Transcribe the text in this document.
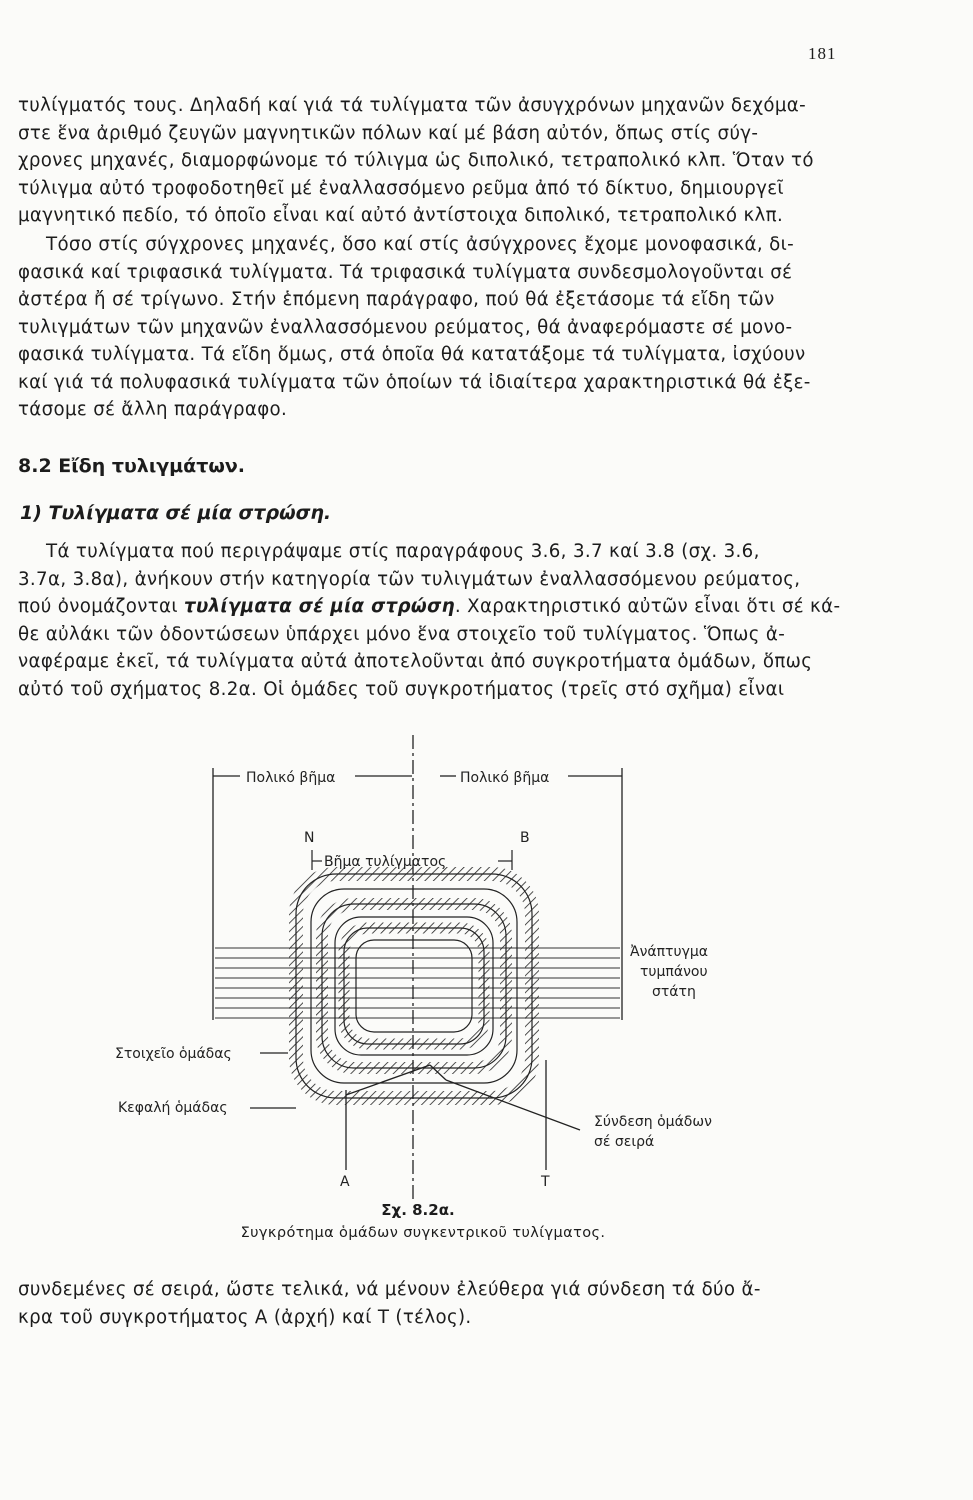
181

τυλίγματός τους. Δηλαδή καί γιά τά τυλίγματα τῶν ἀσυγχρόνων μηχανῶν δεχόμα-
στε ἕνα ἀριθμό ζευγῶν μαγνητικῶν πόλων καί μέ βάση αὐτόν, ὅπως στίς σύγ-
χρονες μηχανές, διαμορφώνομε τό τύλιγμα ὡς διπολικό, τετραπολικό κλπ. Ὅταν τό
τύλιγμα αὐτό τροφοδοτηθεῖ μέ ἐναλλασσόμενο ρεῦμα ἀπό τό δίκτυο, δημιουργεῖ
μαγνητικό πεδίο, τό ὁποῖο εἶναι καί αὐτό ἀντίστοιχα διπολικό, τετραπολικό κλπ.

Τόσο στίς σύγχρονες μηχανές, ὅσο καί στίς ἀσύγχρονες ἔχομε μονοφασικά, δι-
φασικά καί τριφασικά τυλίγματα. Τά τριφασικά τυλίγματα συνδεσμολογοῦνται σέ
ἀστέρα ἤ σέ τρίγωνο. Στήν ἑπόμενη παράγραφο, πού θά ἐξετάσομε τά εἴδη τῶν
τυλιγμάτων τῶν μηχανῶν ἐναλλασσόμενου ρεύματος, θά ἀναφερόμαστε σέ μονο-
φασικά τυλίγματα. Τά εἴδη ὅμως, στά ὁποῖα θά κατατάξομε τά τυλίγματα, ἰσχύουν
καί γιά τά πολυφασικά τυλίγματα τῶν ὁποίων τά ἰδιαίτερα χαρακτηριστικά θά ἐξε-
τάσομε σέ ἄλλη παράγραφο.

8.2 Εἴδη τυλιγμάτων.
1) Τυλίγματα σέ μία στρώση.

Τά τυλίγματα πού περιγράψαμε στίς παραγράφους 3.6, 3.7 καί 3.8 (σχ. 3.6,
3.7α, 3.8α), ἀνήκουν στήν κατηγορία τῶν τυλιγμάτων ἐναλλασσόμενου ρεύματος,
πού ὀνομάζονται τυλίγματα σέ μία στρώση. Χαρακτηριστικό αὐτῶν εἶναι ὅτι σέ κά-
θε αὐλάκι τῶν ὀδοντώσεων ὑπάρχει μόνο ἕνα στοιχεῖο τοῦ τυλίγματος. Ὅπως ἀ-
ναφέραμε ἐκεῖ, τά τυλίγματα αὐτά ἀποτελοῦνται ἀπό συγκροτήματα ὁμάδων, ὅπως
αὐτό τοῦ σχήματος 8.2α. Οἱ ὁμάδες τοῦ συγκροτήματος (τρεῖς στό σχῆμα) εἶναι

Πολικό βῆμα	Πολικό βῆμα
Ν	Β
Βῆμα τυλίγματος
Ἀνάπτυγμα
τυμπάνου
στάτη
Στοιχεῖο ὁμάδας
Κεφαλή ὁμάδας
Σύνδεση ὁμάδων
σέ σειρά
Α	Τ
Σχ. 8.2α.
Συγκρότημα ὁμάδων συγκεντρικοῦ τυλίγματος.

συνδεμένες σέ σειρά, ὥστε τελικά, νά μένουν ἐλεύθερα γιά σύνδεση τά δύο ἄ-
κρα τοῦ συγκροτήματος Α (ἀρχή) καί Τ (τέλος).
